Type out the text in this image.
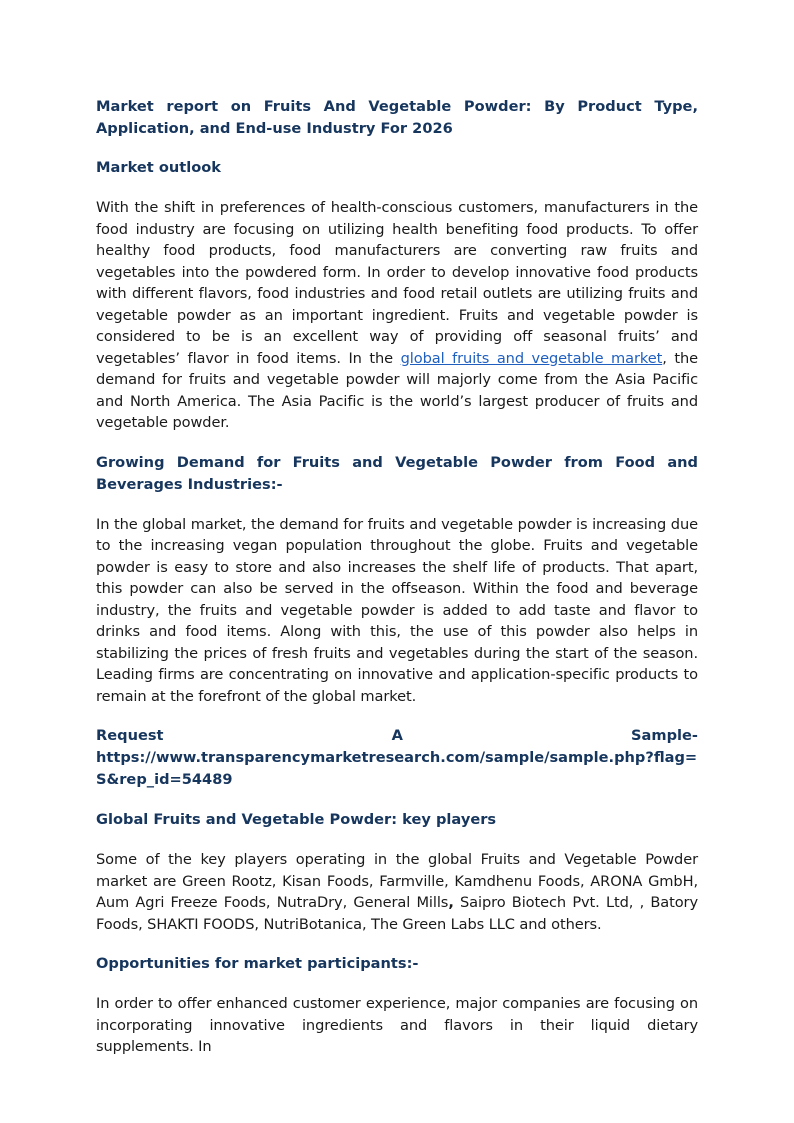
Market report on Fruits And Vegetable Powder: By Product Type, Application, and End-use Industry For 2026
Market outlook

With the shift in preferences of health-conscious customers, manufacturers in the food industry are focusing on utilizing health benefiting food products. To offer healthy food products, food manufacturers are converting raw fruits and vegetables into the powdered form. In order to develop innovative food products with different flavors, food industries and food retail outlets are utilizing fruits and vegetable powder as an important ingredient. Fruits and vegetable powder is considered to be is an excellent way of providing off seasonal fruits’ and vegetables’ flavor in food items. In the global fruits and vegetable market, the demand for fruits and vegetable powder will majorly come from the Asia Pacific and North America. The Asia Pacific is the world’s largest producer of fruits and vegetable powder.

Growing Demand for Fruits and Vegetable Powder from Food and Beverages Industries:-

In the global market, the demand for fruits and vegetable powder is increasing due to the increasing vegan population throughout the globe. Fruits and vegetable powder is easy to store and also increases the shelf life of products. That apart, this powder can also be served in the offseason. Within the food and beverage industry, the fruits and vegetable powder is added to add taste and flavor to drinks and food items. Along with this, the use of this powder also helps in stabilizing the prices of fresh fruits and vegetables during the start of the season. Leading firms are concentrating on innovative and application-specific products to remain at the forefront of the global market.

Request	A	Sample-
https://www.transparencymarketresearch.com/sample/sample.php?flag=S&rep_id=54489
Global Fruits and Vegetable Powder: key players

Some of the key players operating in the global Fruits and Vegetable Powder market are Green Rootz, Kisan Foods, Farmville, Kamdhenu Foods, ARONA GmbH, Aum Agri Freeze Foods, NutraDry, General Mills, Saipro Biotech Pvt. Ltd, , Batory Foods, SHAKTI FOODS, NutriBotanica, The Green Labs LLC and others.

Opportunities for market participants:-

In order to offer enhanced customer experience, major companies are focusing on incorporating innovative ingredients and flavors in their liquid dietary supplements. In
